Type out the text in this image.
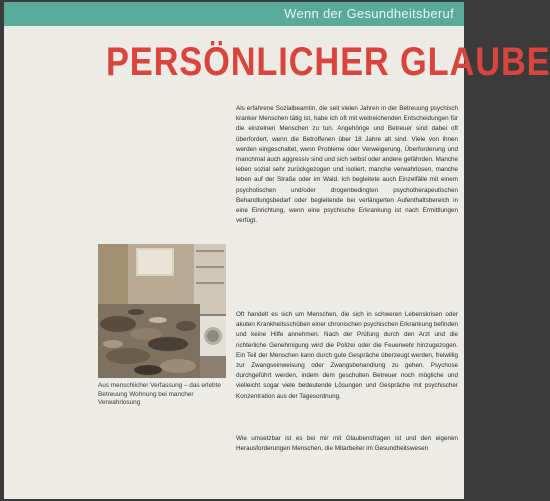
Wenn der Gesundheitsberuf
PERSÖNLICHER GLAUBE
Aus menschlicher Verfassung – das erlebte Betreuung Wohnung bei mancher Verwahrlosung

Als erfahrene Sozialbeamtin, die seit vielen Jahren in der Betreuung psychisch kranker Menschen tätig ist, habe ich oft mit weitreichenden Entscheidungen für die einzelnen Menschen zu tun. Angehörige und Betreuer sind dabei oft überfordert, wenn die Betroffenen über 18 Jahre alt sind. Viele von ihnen werden eingeschaltet, wenn Probleme oder Verweigerung, Überforderung und manchmal auch aggressiv sind und sich selbst oder andere gefährden. Manche leben sozial sehr zurückgezogen und isoliert, manche verwahrlosen, manche leben auf der Straße oder im Wald. Ich begleitete auch Einzelfälle mit einem psychotischen und/oder drogenbedingten psychotherapeutischen Behandlungsbedarf oder begleitende bei verlängerten Aufenthaltsbereich in eine Einrichtung, wenn eine psychische Erkrankung ist nach Ermittlungen verfügt.

Oft handelt es sich um Menschen, die sich in schweren Lebenskrisen oder akuten Krankheitsschüben einer chronischen psychischen Erkrankung befinden und keine Hilfe annehmen. Nach der Prüfung durch den Arzt und die richterliche Genehmigung wird die Polizei oder die Feuerwehr hinzugezogen. Ein Teil der Menschen kann durch gute Gespräche überzeugt werden, freiwillig zur Zwangseinweisung oder Zwangsbehandlung zu gehen. Psychose durchgeführt werden, indem dem geschulten Betreuer noch mögliche und vielleicht sogar viele bedeutende Lösungen und Gespräche mit psychischer Konzentration aus der Tagesordnung.

Wie umsetzbar ist es bei mir mit Glaubensfragen ist und den eigenen Herausforderungen Menschen, die Mitarbeiter im Gesundheitswesen
